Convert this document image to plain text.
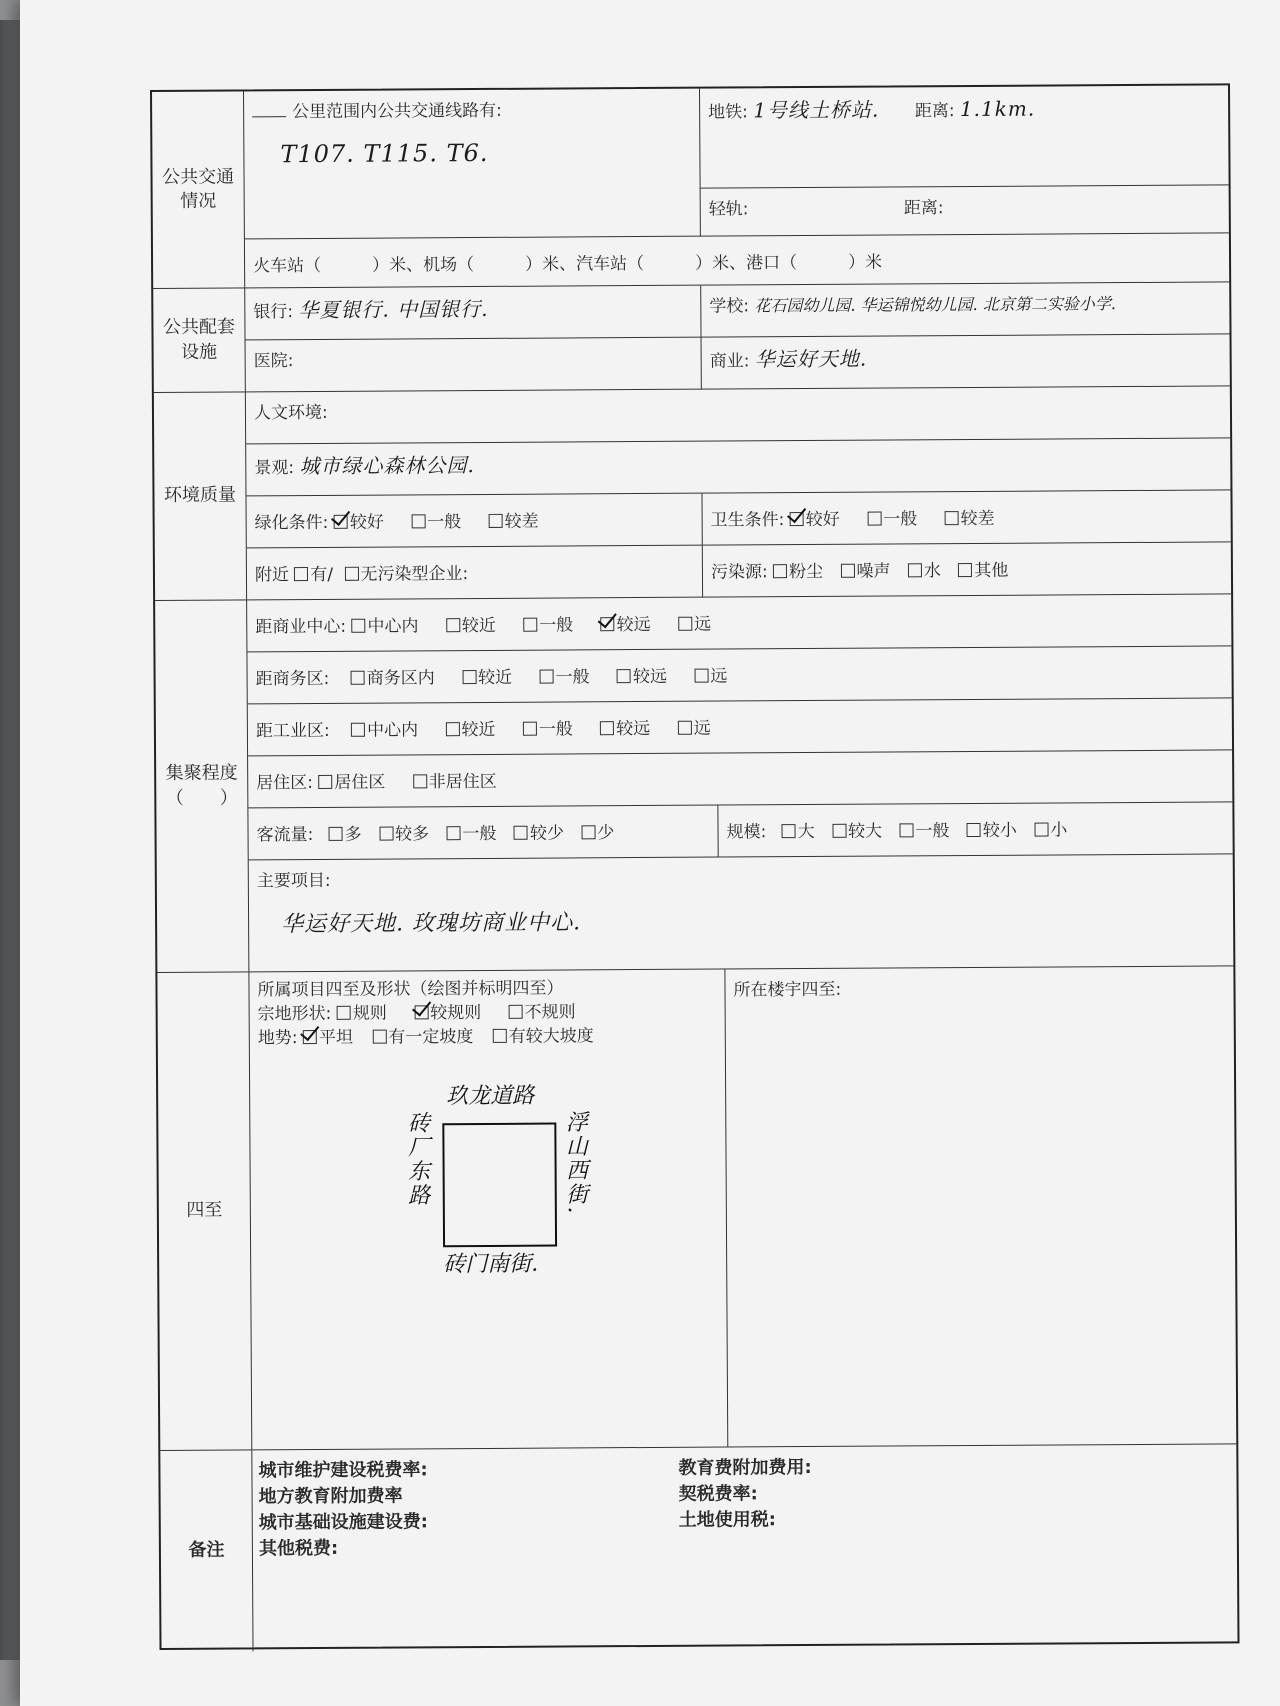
公共交通
情况
公里范围内公共交通线路有:
T107. T115. T6.
地铁: 1号线土桥站. 距离: 1.1km.
轻轨:	距离:
火车站（　　　）米、机场（　　　）米、汽车站（　　　）米、港口（　　　）米
公共配套
设施
银行: 华夏银行. 中国银行.	学校: 花石园幼儿园. 华运锦悦幼儿园. 北京第二实验小学.
医院:	商业: 华运好天地.
环境质量
人文环境:
景观: 城市绿心森林公园.
绿化条件: 较好	一般	较差	卫生条件: 较好	一般	较差
附近 有/ 无污染型企业:	污染源: 粉尘 噪声 水 其他
集聚程度
（　　）
距商业中心: 中心内	较近	一般	较远	远
距商务区: 商务区内	较近	一般	较远	远
距工业区: 中心内	较近	一般	较远	远
居住区: 居住区	非居住区
客流量: 多 较多 一般 较少 少	规模: 大 较大 一般 较小 小
主要项目:
华运好天地. 玫瑰坊商业中心.
四至
所属项目四至及形状（绘图并标明四至）
宗地形状: 规则	较规则	不规则
地势: 平坦 有一定坡度 有较大坡度
玖龙道路
砖门南街.
砖厂东路	浮山西街.
所在楼宇四至:
备注
城市维护建设税费率:
地方教育附加费率
城市基础设施建设费:
其他税费:
教育费附加费用:
契税费率:
土地使用税:
